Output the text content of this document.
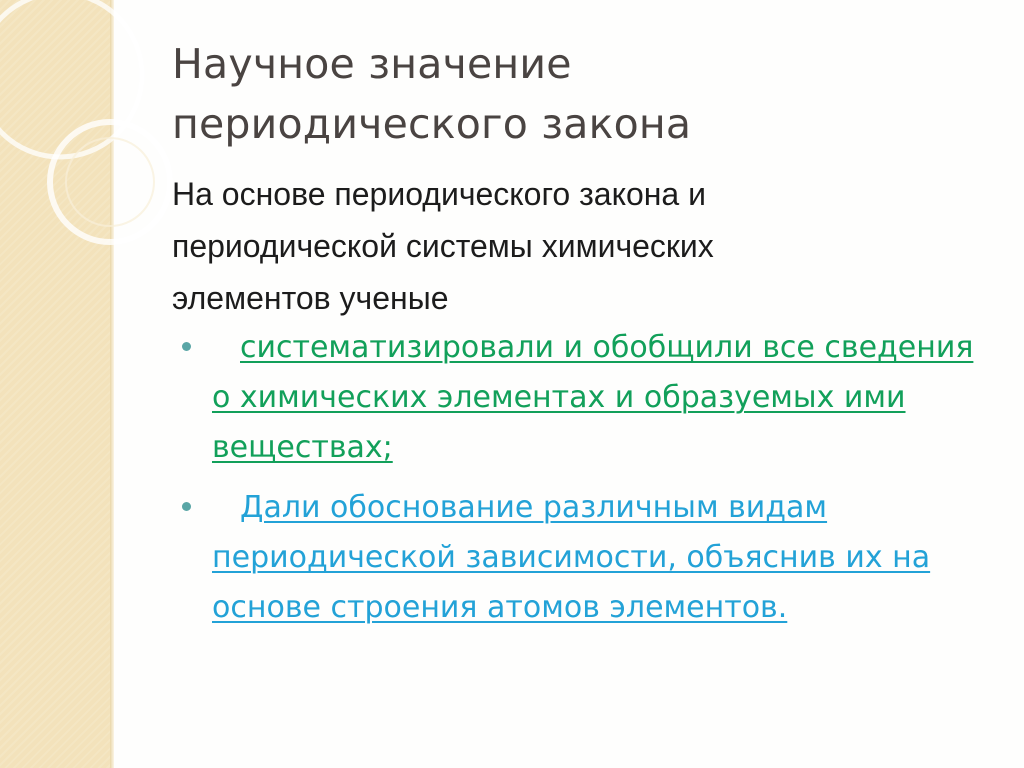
Научное значение
периодического закона

На основе периодического закона и
периодической системы химических
элементов ученые

систематизировали и обобщили все сведения о химических элементах и образуемых ими веществах;
Дали обоснование различным видам периодической зависимости, объяснив их на основе строения атомов элементов.
